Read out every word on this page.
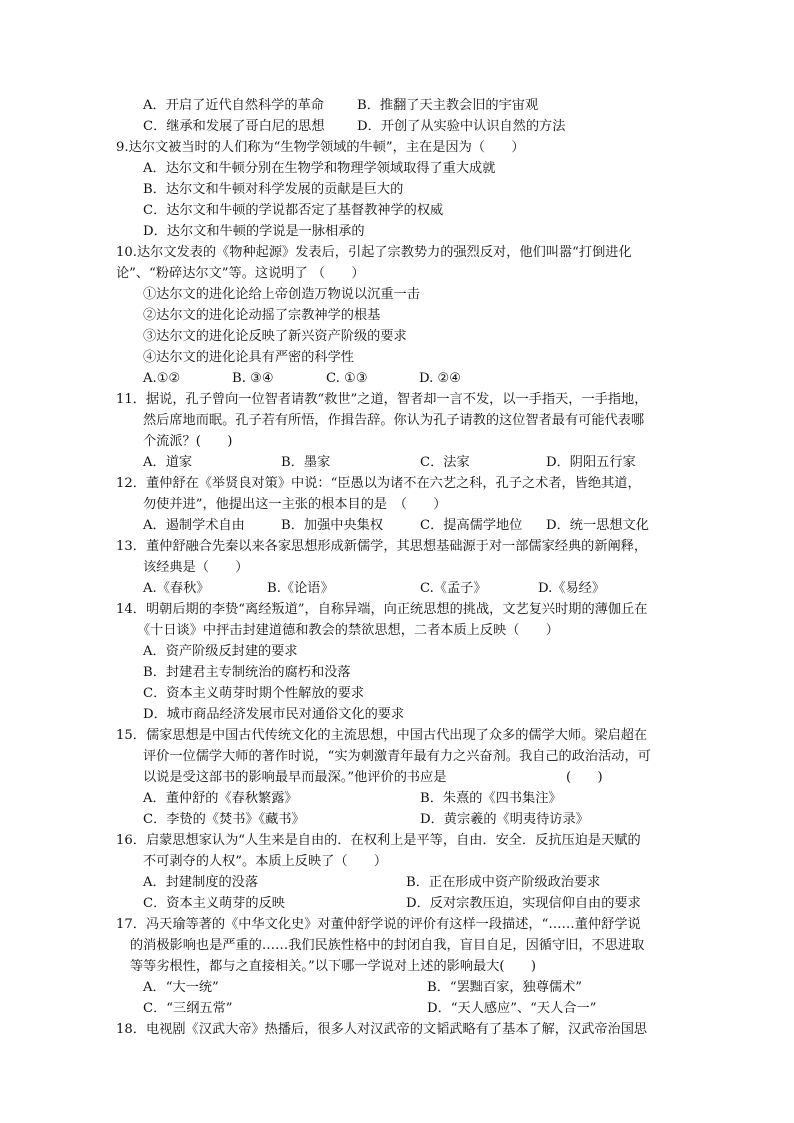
A．开启了近代自然科学的革命	B．推翻了天主教会旧的宇宙观
C．继承和发展了哥白尼的思想 D．开创了从实验中认识自然的方法
9.达尔文被当时的人们称为“生物学领域的牛顿”，主在是因为（　　）
A．达尔文和牛顿分别在生物学和物理学领域取得了重大成就
B．达尔文和牛顿对科学发展的贡献是巨大的
C．达尔文和牛顿的学说都否定了基督教神学的权威
D．达尔文和牛顿的学说是一脉相承的
10.达尔文发表的《物种起源》发表后，引起了宗教势力的强烈反对，他们叫嚣“打倒进化
论”、“粉碎达尔文”等。这说明了 （　　）
①达尔文的进化论给上帝创造万物说以沉重一击
②达尔文的进化论动摇了宗教神学的根基
③达尔文的进化论反映了新兴资产阶级的要求
④达尔文的进化论具有严密的科学性
A.①②	B. ③④	C. ①③	D. ②④
11．据说，孔子曾向一位智者请教“救世”之道，智者却一言不发，以一手指天，一手指地，
然后席地而眠。孔子若有所悟，作揖告辞。你认为孔子请教的这位智者最有可能代表哪
个流派？(　　)
A．道家	B．墨家	C．法家	D．阴阳五行家
12．董仲舒在《举贤良对策》中说：“臣愚以为诸不在六艺之科，孔子之术者，皆绝其道，
勿使并进”，他提出这一主张的根本目的是　（　　）
A．遏制学术自由	B．加强中央集权	C．提高儒学地位 D．统一思想文化
13．董仲舒融合先秦以来各家思想形成新儒学，其思想基础源于对一部儒家经典的新阐释，
该经典是（　　）
A.《春秋》	B.《论语》	C.《孟子》	D.《易经》
14．明朝后期的李贽“离经叛道”，自称异端，向正统思想的挑战，文艺复兴时期的薄伽丘在
《十日谈》中抨击封建道德和教会的禁欲思想，二者本质上反映（　　）
A．资产阶级反封建的要求
B．封建君主专制统治的腐朽和没落
C．资本主义萌芽时期个性解放的要求
D．城市商品经济发展市民对通俗文化的要求
15．儒家思想是中国古代传统文化的主流思想，中国古代出现了众多的儒学大师。梁启超在
评价一位儒学大师的著作时说，“实为刺激青年最有力之兴奋剂。我自己的政治活动，可
以说是受这部书的影响最早而最深。”他评价的书应是	(　　)
A．董仲舒的《春秋繁露》	B．朱熹的《四书集注》
C．李贽的《焚书》《藏书》	D．黄宗羲的《明夷待访录》
16．启蒙思想家认为“人生来是自由的．在权利上是平等，自由．安全．反抗压迫是天赋的
不可剥夺的人权”。本质上反映了（　　）
A．封建制度的没落	B．正在形成中资产阶级政治要求
C．资本主义萌芽的反映	D．反对宗教压迫，实现信仰自由的要求
17．冯天瑜等著的《中华文化史》对董仲舒学说的评价有这样一段描述，“……董仲舒学说
的消极影响也是严重的……我们民族性格中的封闭自我，盲目自足，因循守旧，不思进取
等等劣根性，都与之直接相关。”以下哪一学说对上述的影响最大(　　)
A．“大一统”	B．“罢黜百家，独尊儒术”
C．“三纲五常”	D．“天人感应”、“天人合一”
18．电视剧《汉武大帝》热播后，很多人对汉武帝的文韬武略有了基本了解，汉武帝治国思
